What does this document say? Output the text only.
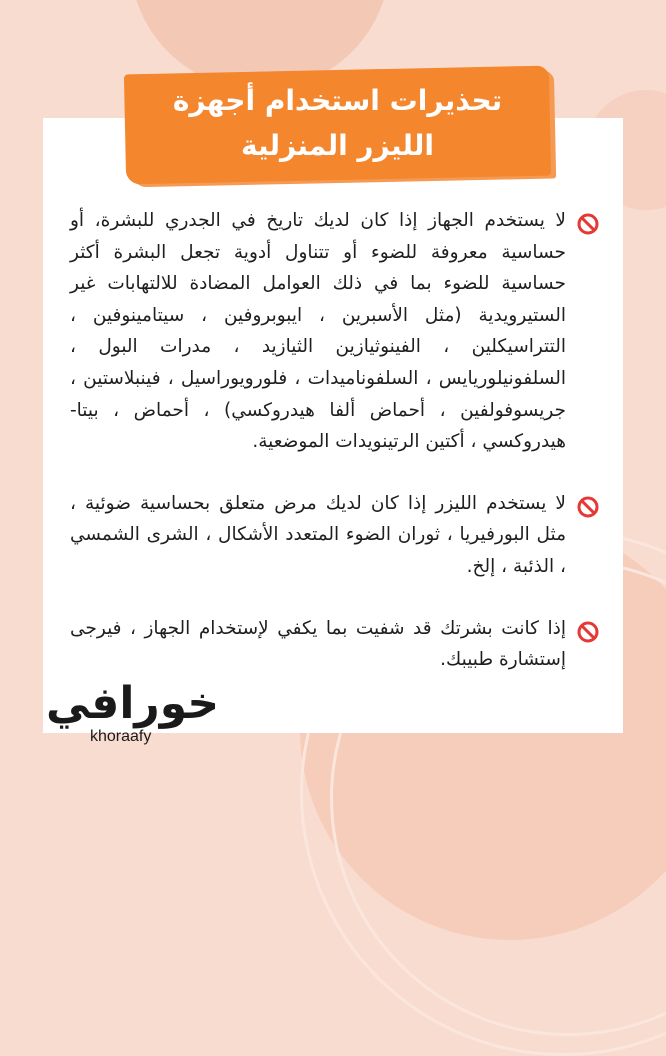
تحذيرات استخدام أجهزة
الليزر المنزلية
لا يستخدم الجهاز إذا كان لديك تاريخ في الجدري للبشرة، أو حساسية معروفة للضوء أو تتناول أدوية تجعل البشرة أكثر حساسية للضوء بما في ذلك العوامل المضادة للالتهابات غير الستيرويدية (مثل الأسبرين ، ايبوبروفين ، سيتامينوفين ، التتراسيكلين ، الفينوثيازين الثيازيد ، مدرات البول ، السلفونيلوريايس ، السلفوناميدات ، فلورويوراسيل ، فينبلاستين ، جريسوفولفين ، أحماض ألفا هيدروكسي) ، أحماض ، بيتا- هيدروكسي ، أكتين الرتينويدات الموضعية.
لا يستخدم الليزر إذا كان لديك مرض متعلق بحساسية ضوئية ، مثل البورفيريا ، ثوران الضوء المتعدد الأشكال ، الشرى الشمسي ، الذئبة ، إلخ.
إذا كانت بشرتك قد شفيت بما يكفي لإستخدام الجهاز ، فيرجى إستشارة طبيبك.
خورافي
khoraafy
